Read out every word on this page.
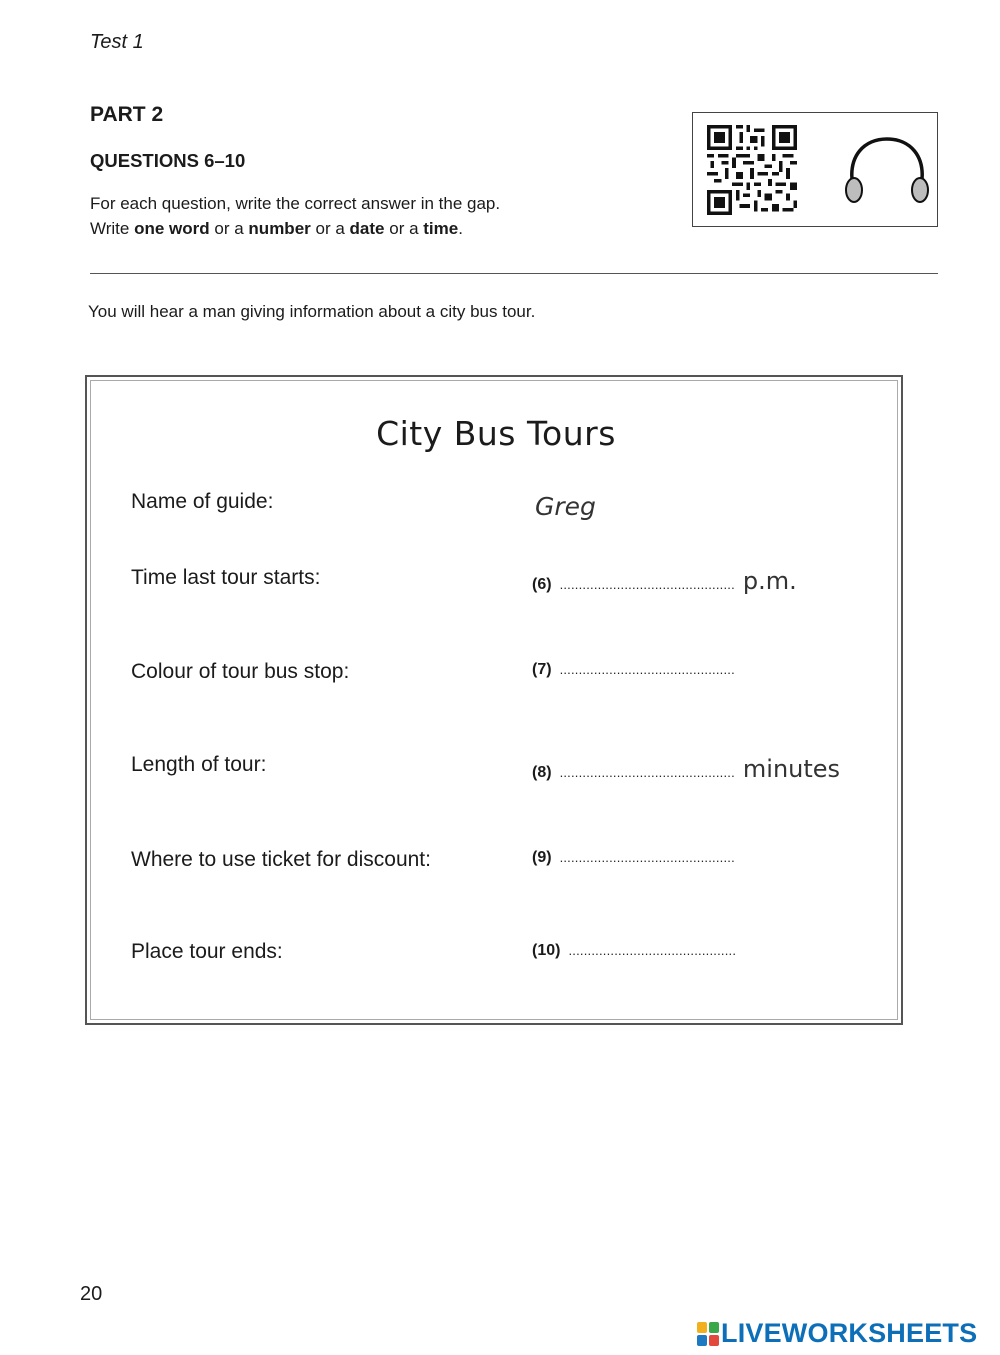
Test 1
PART 2
QUESTIONS 6–10
For each question, write the correct answer in the gap.
Write one word or a number or a date or a time.
You will hear a man giving information about a city bus tour.
City Bus Tours
Name of guide:	Greg
Time last tour starts:	(6) .............................................. p.m.
Colour of tour bus stop:	(7) ..............................................
Length of tour:	(8) .............................................. minutes
Where to use ticket for discount:	(9) ..............................................
Place tour ends:	(10) ............................................
20
LIVEWORKSHEETS
